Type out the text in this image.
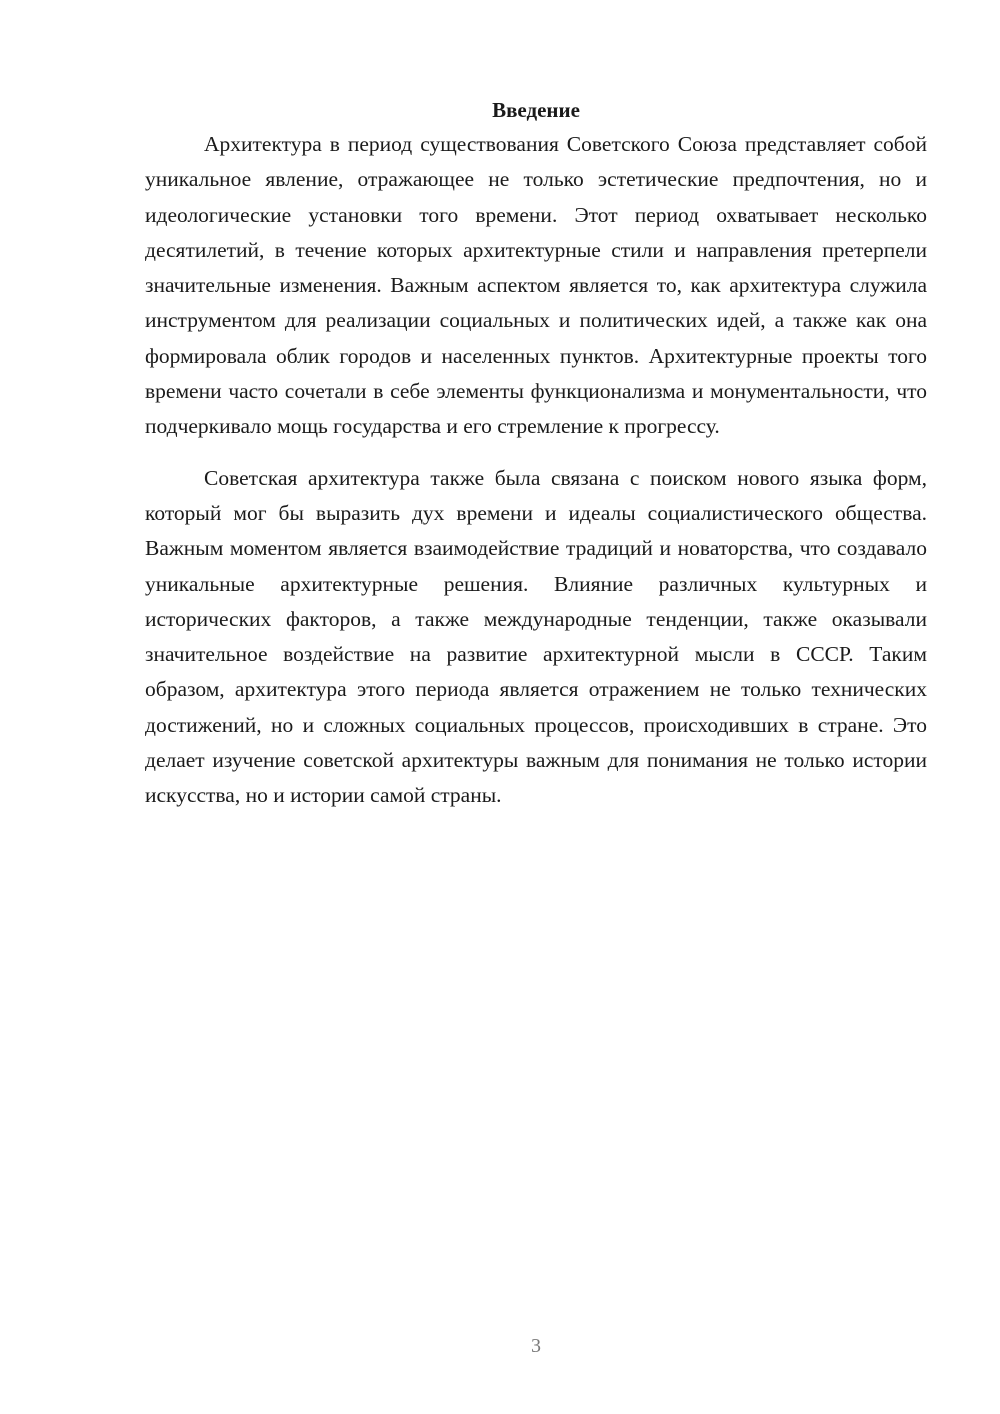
Введение

Архитектура в период существования Советского Союза представляет собой уникальное явление, отражающее не только эстетические предпочтения, но и идеологические установки того времени. Этот период охватывает несколько десятилетий, в течение которых архитектурные стили и направления претерпели значительные изменения. Важным аспектом является то, как архитектура служила инструментом для реализации социальных и политических идей, а также как она формировала облик городов и населенных пунктов. Архитектурные проекты того времени часто сочетали в себе элементы функционализма и монументальности, что подчеркивало мощь государства и его стремление к прогрессу.

Советская архитектура также была связана с поиском нового языка форм, который мог бы выразить дух времени и идеалы социалистического общества. Важным моментом является взаимодействие традиций и новаторства, что создавало уникальные архитектурные решения. Влияние различных культурных и исторических факторов, а также международные тенденции, также оказывали значительное воздействие на развитие архитектурной мысли в СССР. Таким образом, архитектура этого периода является отражением не только технических достижений, но и сложных социальных процессов, происходивших в стране. Это делает изучение советской архитектуры важным для понимания не только истории искусства, но и истории самой страны.

3
